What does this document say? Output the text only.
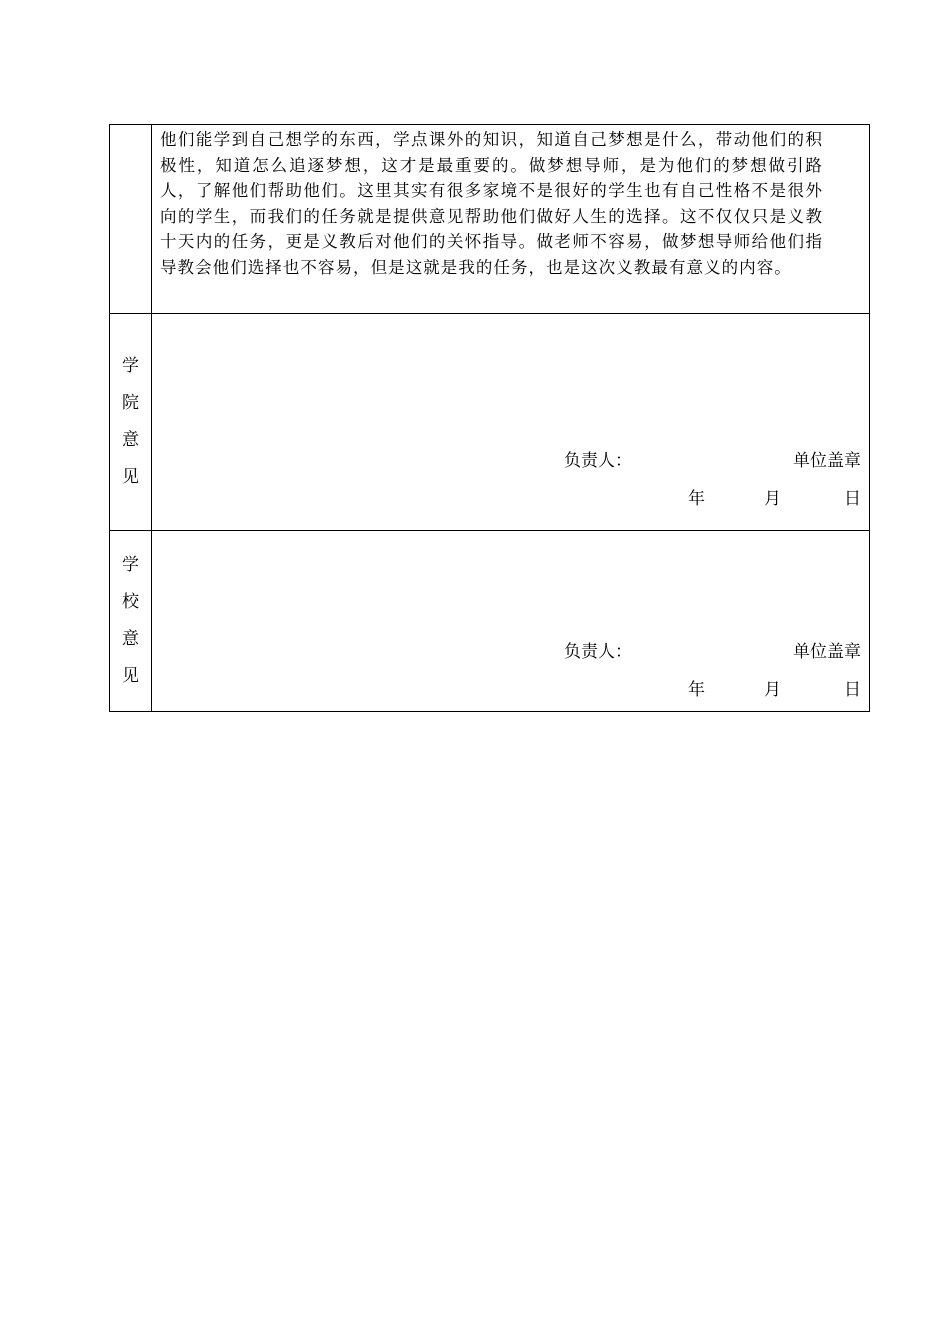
他们能学到自己想学的东西，学点课外的知识，知道自己梦想是什么，带动他们的积极性，知道怎么追逐梦想，这才是最重要的。做梦想导师，是为他们的梦想做引路人，了解他们帮助他们。这里其实有很多家境不是很好的学生也有自己性格不是很外向的学生，而我们的任务就是提供意见帮助他们做好人生的选择。这不仅仅只是义教十天内的任务，更是义教后对他们的关怀指导。做老师不容易，做梦想导师给他们指导教会他们选择也不容易，但是这就是我的任务，也是这次义教最有意义的内容。

学
院
意
见
负责人：	单位盖章
年	月	日
学
校
意
见
负责人：	单位盖章
年	月	日
